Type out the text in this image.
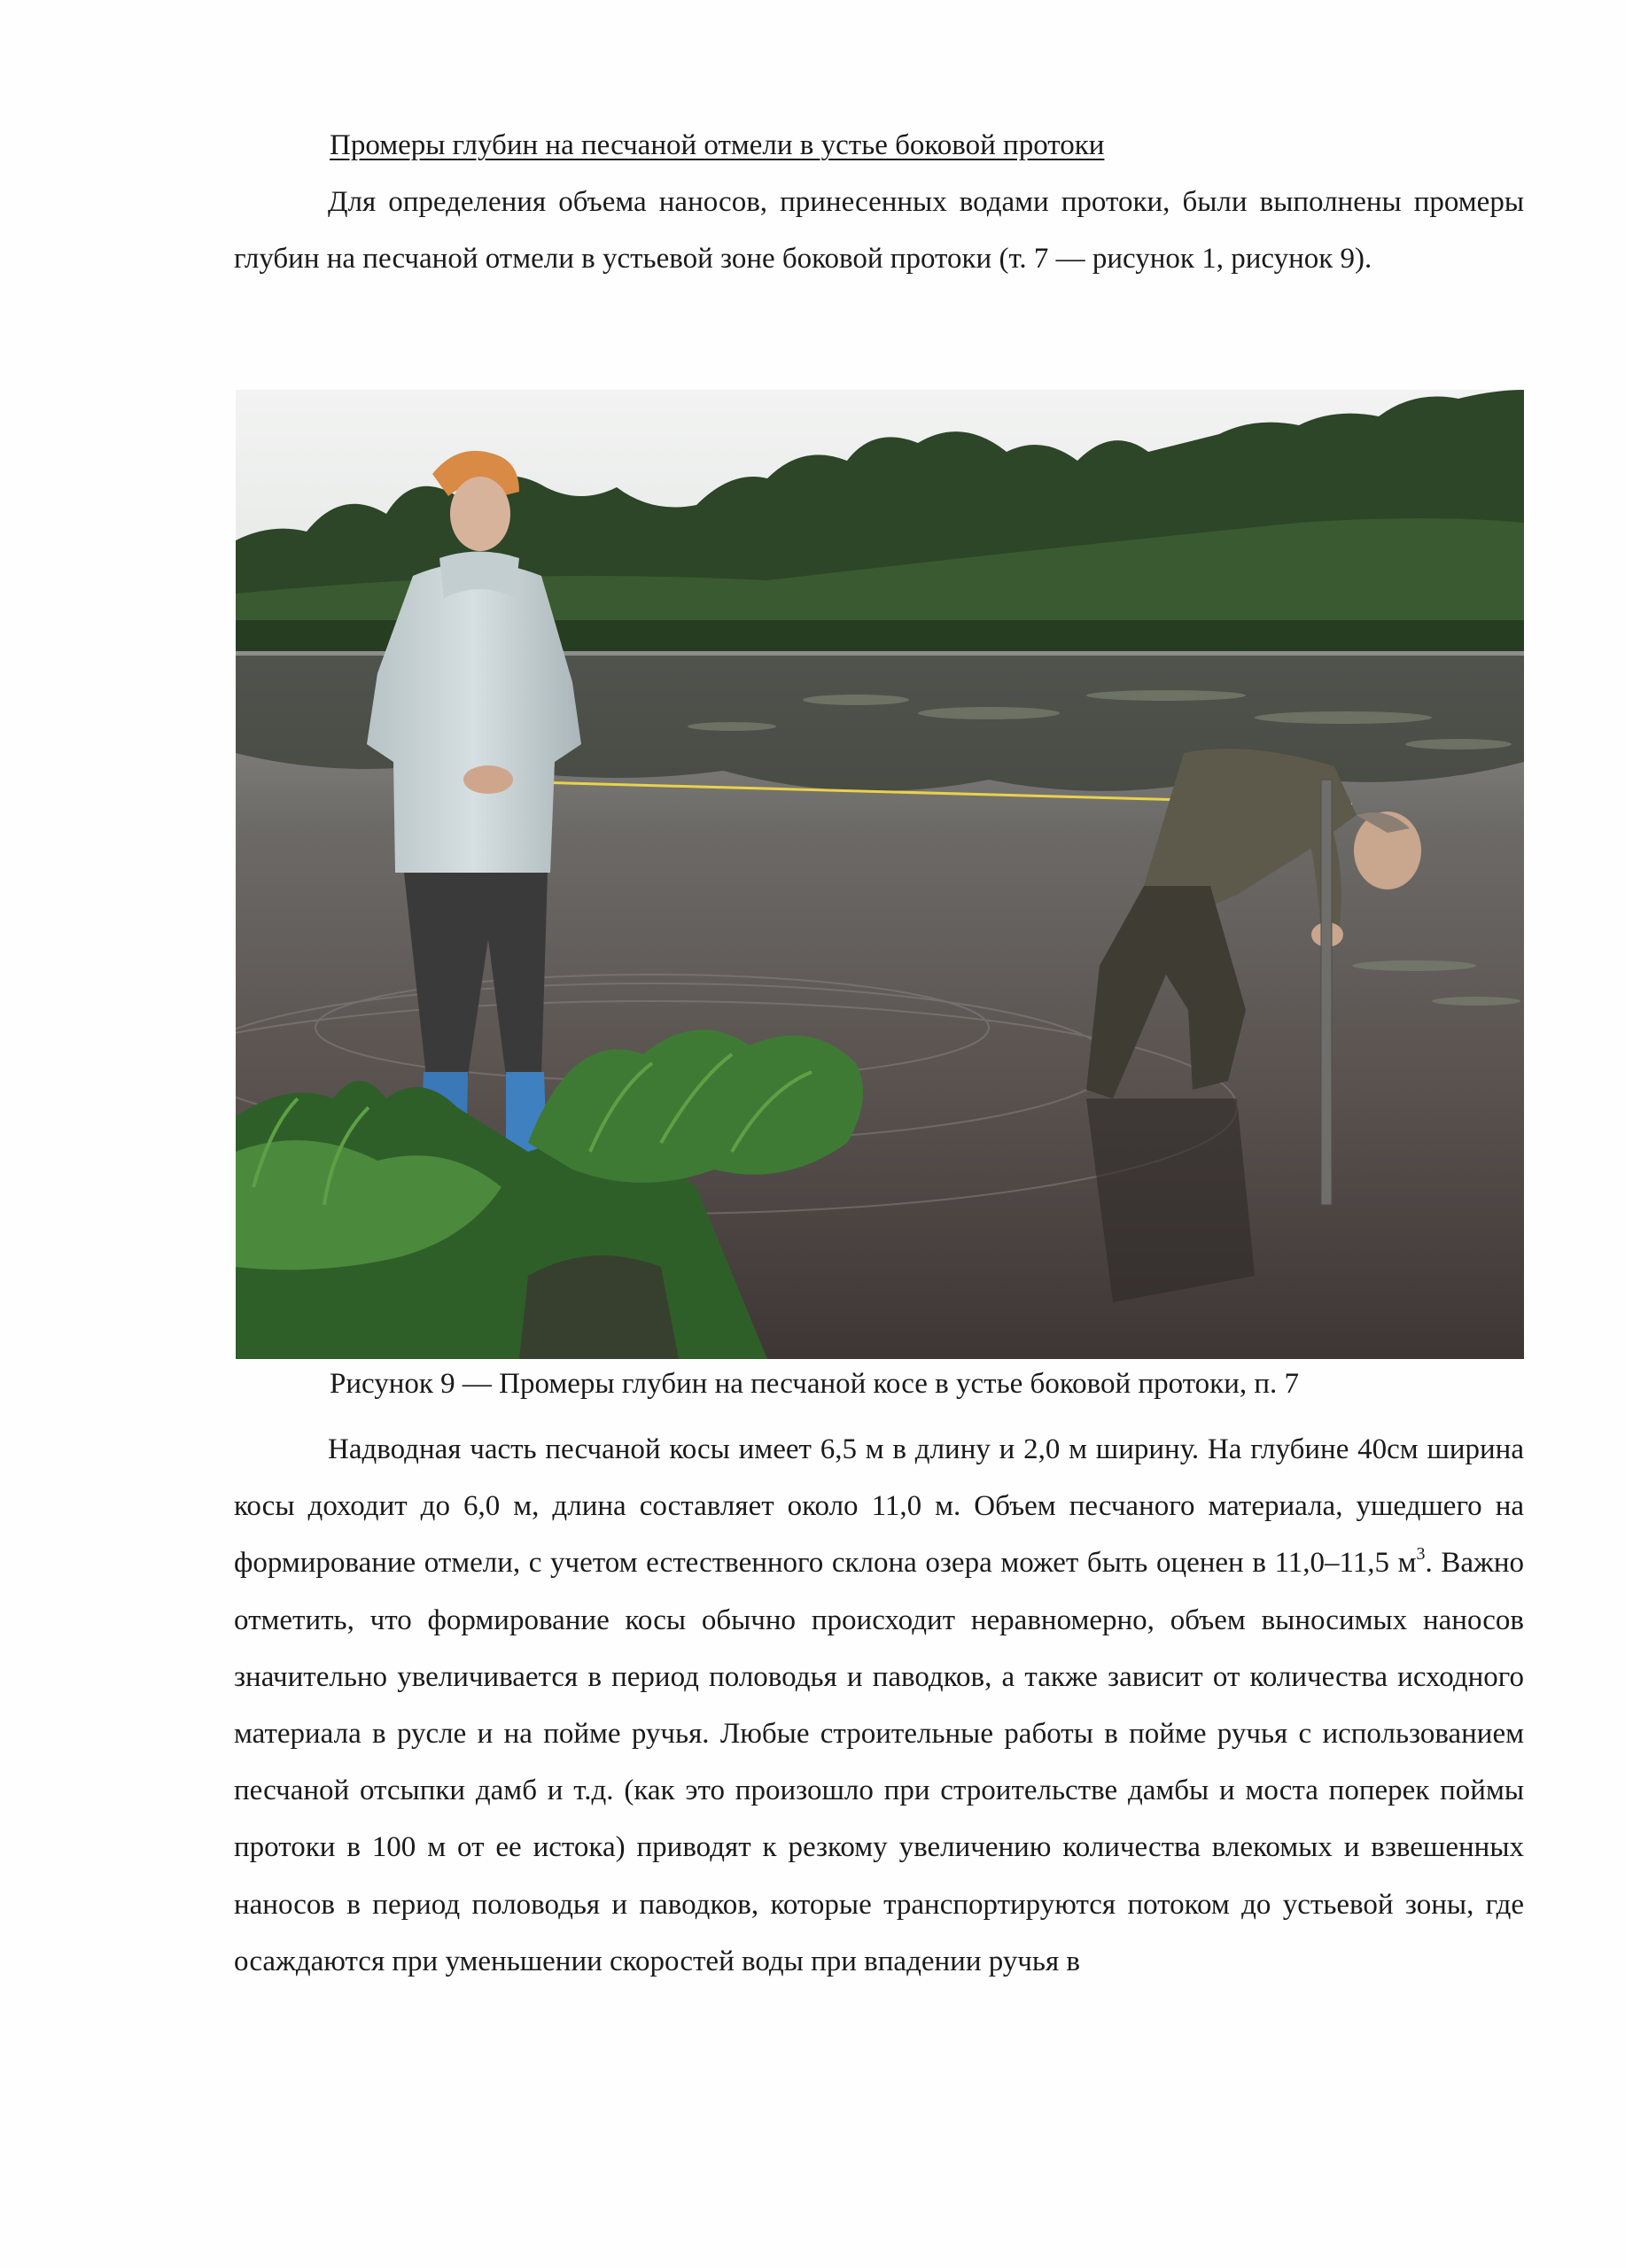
Промеры глубин на песчаной отмели в устье боковой протоки
Для определения объема наносов, принесенных водами протоки, были выполнены промеры глубин на песчаной отмели в устьевой зоне боковой протоки (т. 7 — рисунок 1, рисунок 9).
Рисунок 9 — Промеры глубин на песчаной косе в устье боковой протоки, п. 7
Надводная часть песчаной косы имеет 6,5 м в длину и 2,0 м ширину. На глубине 40см ширина косы доходит до 6,0 м, длина составляет около 11,0 м. Объем песчаного материала, ушедшего на формирование отмели, с учетом естественного склона озера может быть оценен в 11,0–11,5 $м^3$. Важно отметить, что формирование косы обычно происходит неравномерно, объем выносимых наносов значительно увеличивается в период половодья и паводков, а также зависит от количества исходного материала в русле и на пойме ручья. Любые строительные работы в пойме ручья с использованием песчаной отсыпки дамб и т.д. (как это произошло при строительстве дамбы и моста поперек поймы протоки в 100 м от ее истока) приводят к резкому увеличению количества влекомых и взвешенных наносов в период половодья и паводков, которые транспортируются потоком до устьевой зоны, где осаждаются при уменьшении скоростей воды при впадении ручья в
